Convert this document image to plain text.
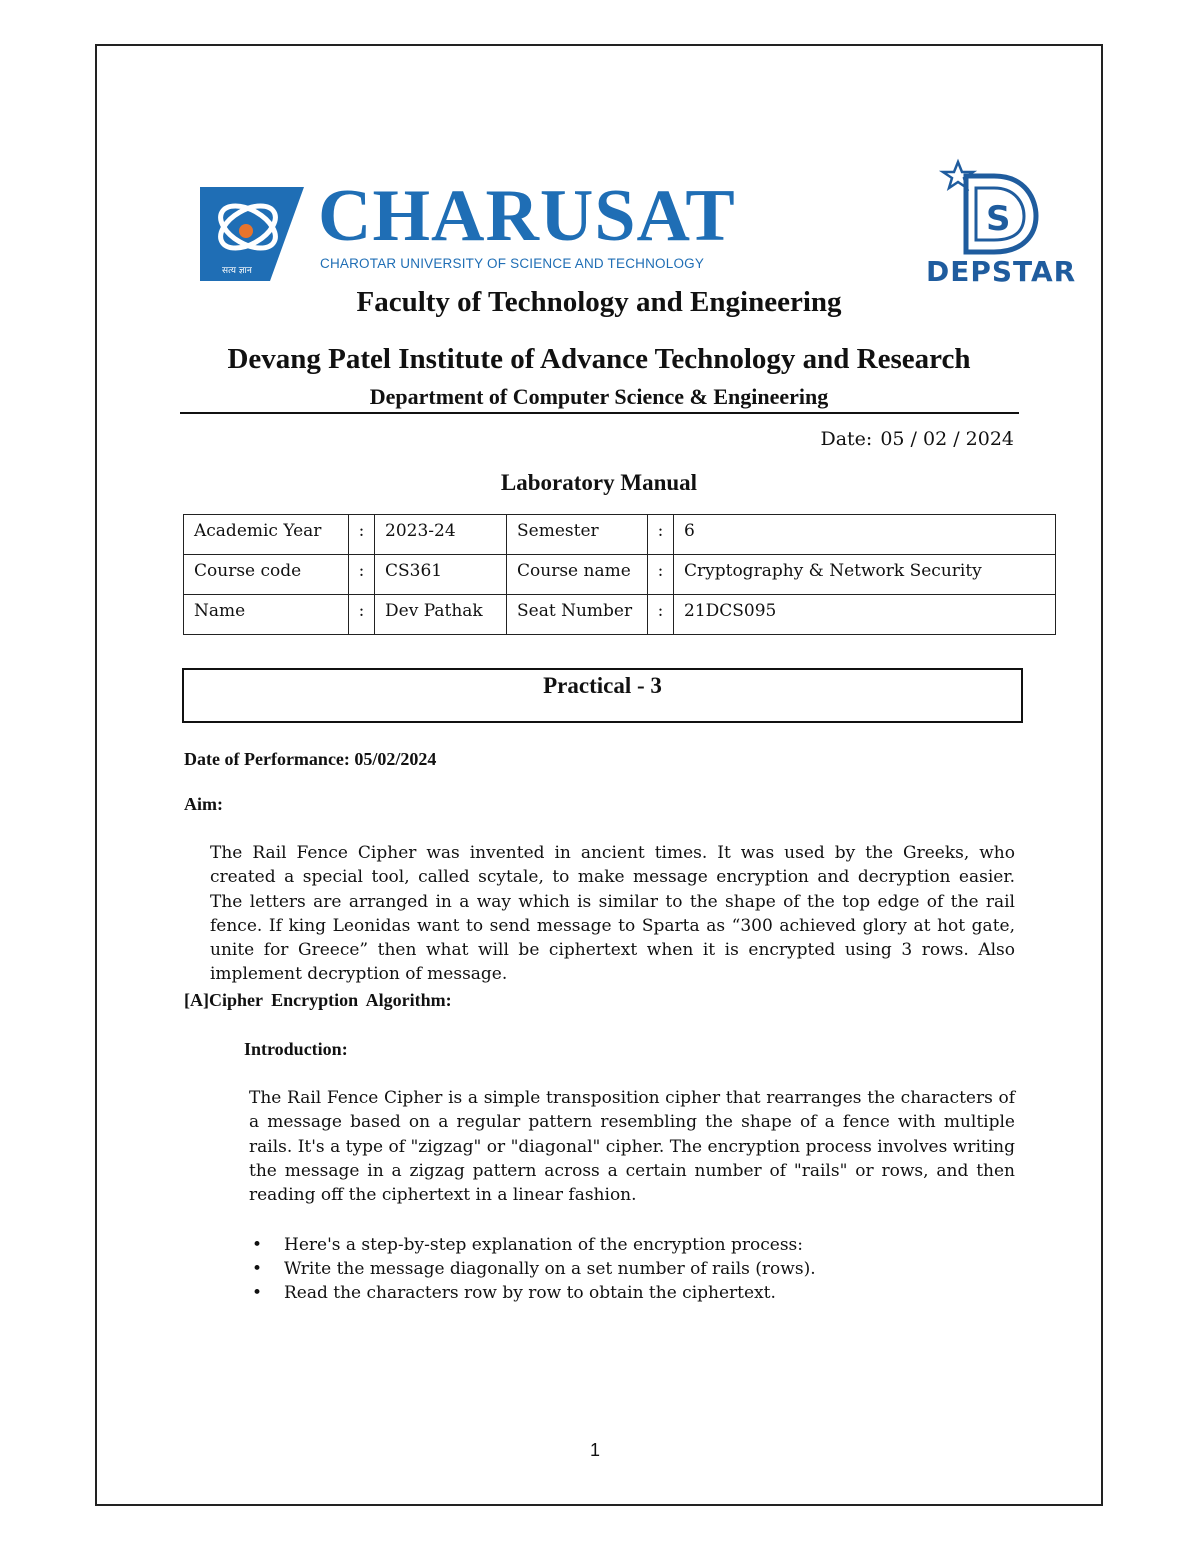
सत्य ज्ञान
CHARUSAT
CHAROTAR UNIVERSITY OF SCIENCE AND TECHNOLOGY
S
DEPSTAR
Faculty of Technology and Engineering
Devang Patel Institute of Advance Technology and Research
Department of Computer Science & Engineering
Date: 05 / 02 / 2024
Laboratory Manual
Academic Year	:	2023-24	Semester	:	6
Course code	:	CS361	Course name	:	Cryptography & Network Security
Name	:	Dev Pathak	Seat Number	:	21DCS095
Practical - 3
Date of Performance: 05/02/2024
Aim:
The Rail Fence Cipher was invented in ancient times. It was used by the Greeks, who created a special tool, called scytale, to make message encryption and decryption easier. The letters are arranged in a way which is similar to the shape of the top edge of the rail fence. If king Leonidas want to send message to Sparta as “300 achieved glory at hot gate, unite for Greece” then what will be ciphertext when it is encrypted using 3 rows. Also implement decryption of message.
[A]Cipher Encryption Algorithm:
Introduction:
The Rail Fence Cipher is a simple transposition cipher that rearranges the characters of a message based on a regular pattern resembling the shape of a fence with multiple rails. It's a type of "zigzag" or "diagonal" cipher. The encryption process involves writing the message in a zigzag pattern across a certain number of "rails" or rows, and then reading off the ciphertext in a linear fashion.
• Here's a step-by-step explanation of the encryption process:
• Write the message diagonally on a set number of rails (rows).
• Read the characters row by row to obtain the ciphertext.
1
